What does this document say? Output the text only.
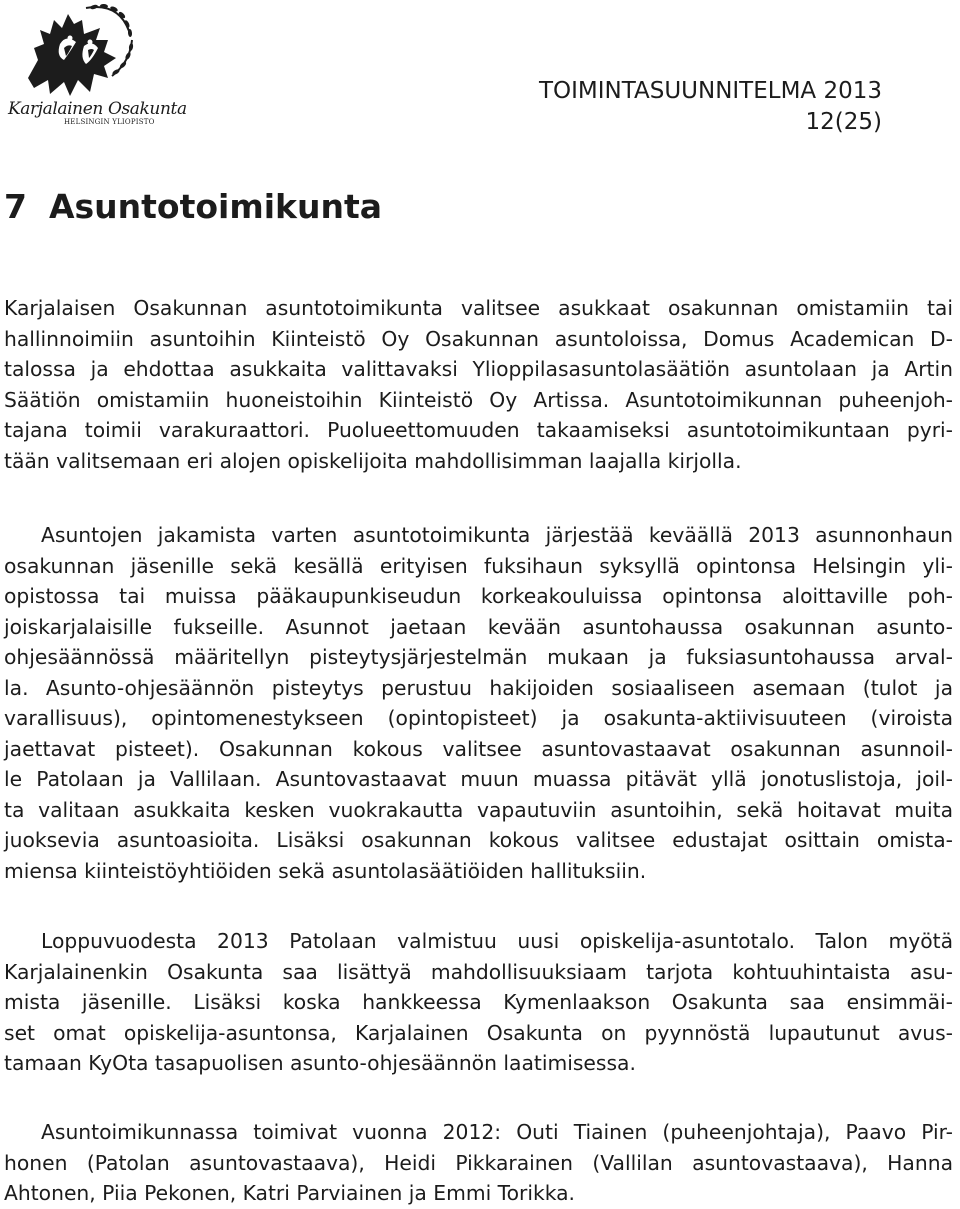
Karjalainen Osakunta
HELSINGIN YLIOPISTO
TOIMINTASUUNNITELMA 2013
12(25)
7 Asuntotoimikunta

Karjalaisen Osakunnan asuntotoimikunta valitsee asukkaat osakunnan omistamiin tai
hallinnoimiin asuntoihin Kiinteistö Oy Osakunnan asuntoloissa, Domus Academican D-
talossa ja ehdottaa asukkaita valittavaksi Ylioppilasasuntolasäätiön asuntolaan ja Artin
Säätiön omistamiin huoneistoihin Kiinteistö Oy Artissa. Asuntotoimikunnan puheenjoh-
tajana toimii varakuraattori. Puolueettomuuden takaamiseksi asuntotoimikuntaan pyri-
tään valitsemaan eri alojen opiskelijoita mahdollisimman laajalla kirjolla.

Asuntojen jakamista varten asuntotoimikunta järjestää keväällä 2013 asunnonhaun
osakunnan jäsenille sekä kesällä erityisen fuksihaun syksyllä opintonsa Helsingin yli-
opistossa tai muissa pääkaupunkiseudun korkeakouluissa opintonsa aloittaville poh-
joiskarjalaisille fukseille. Asunnot jaetaan kevään asuntohaussa osakunnan asunto-
ohjesäännössä määritellyn pisteytysjärjestelmän mukaan ja fuksiasuntohaussa arval-
la. Asunto-ohjesäännön pisteytys perustuu hakijoiden sosiaaliseen asemaan (tulot ja
varallisuus), opintomenestykseen (opintopisteet) ja osakunta-aktiivisuuteen (viroista
jaettavat pisteet). Osakunnan kokous valitsee asuntovastaavat osakunnan asunnoil-
le Patolaan ja Vallilaan. Asuntovastaavat muun muassa pitävät yllä jonotuslistoja, joil-
ta valitaan asukkaita kesken vuokrakautta vapautuviin asuntoihin, sekä hoitavat muita
juoksevia asuntoasioita. Lisäksi osakunnan kokous valitsee edustajat osittain omista-
miensa kiinteistöyhtiöiden sekä asuntolasäätiöiden hallituksiin.

Loppuvuodesta 2013 Patolaan valmistuu uusi opiskelija-asuntotalo. Talon myötä
Karjalainenkin Osakunta saa lisättyä mahdollisuuksiaam tarjota kohtuuhintaista asu-
mista jäsenille. Lisäksi koska hankkeessa Kymenlaakson Osakunta saa ensimmäi-
set omat opiskelija-asuntonsa, Karjalainen Osakunta on pyynnöstä lupautunut avus-
tamaan KyOta tasapuolisen asunto-ohjesäännön laatimisessa.

Asuntoimikunnassa toimivat vuonna 2012: Outi Tiainen (puheenjohtaja), Paavo Pir-
honen (Patolan asuntovastaava), Heidi Pikkarainen (Vallilan asuntovastaava), Hanna
Ahtonen, Piia Pekonen, Katri Parviainen ja Emmi Torikka.
